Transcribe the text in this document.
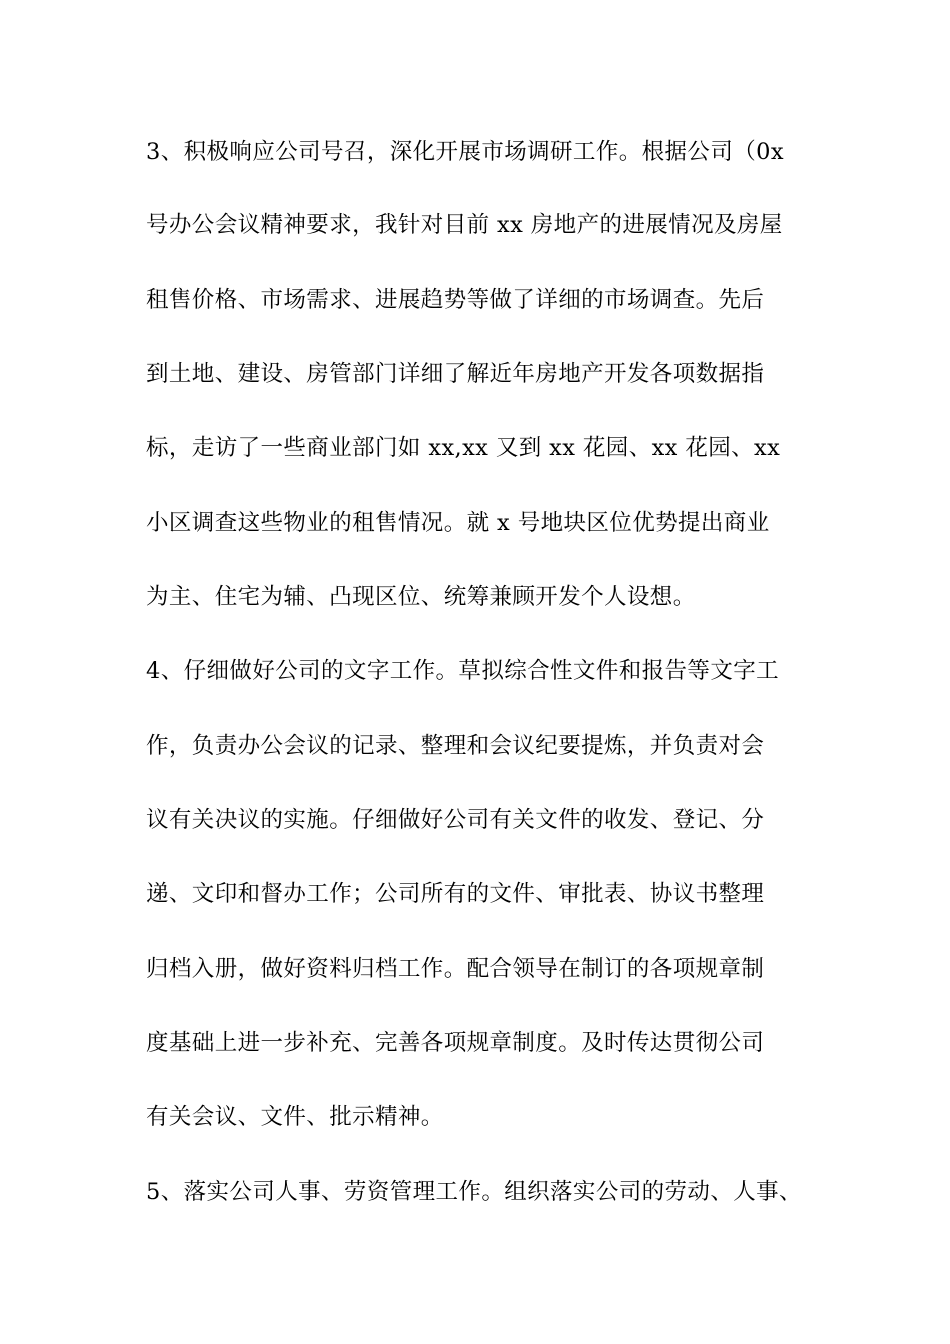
3、积极响应公司号召，深化开展市场调研工作。根据公司（0x
号办公会议精神要求，我针对目前 xx 房地产的进展情况及房屋
租售价格、市场需求、进展趋势等做了详细的市场调查。先后
到土地、建设、房管部门详细了解近年房地产开发各项数据指
标，走访了一些商业部门如 xx,xx 又到 xx 花园、xx 花园、xx
小区调查这些物业的租售情况。就 x 号地块区位优势提出商业
为主、住宅为辅、凸现区位、统筹兼顾开发个人设想。
4、仔细做好公司的文字工作。草拟综合性文件和报告等文字工
作，负责办公会议的记录、整理和会议纪要提炼，并负责对会
议有关决议的实施。仔细做好公司有关文件的收发、登记、分
递、文印和督办工作；公司所有的文件、审批表、协议书整理
归档入册，做好资料归档工作。配合领导在制订的各项规章制
度基础上进一步补充、完善各项规章制度。及时传达贯彻公司
有关会议、文件、批示精神。
5、落实公司人事、劳资管理工作。组织落实公司的劳动、人事、
